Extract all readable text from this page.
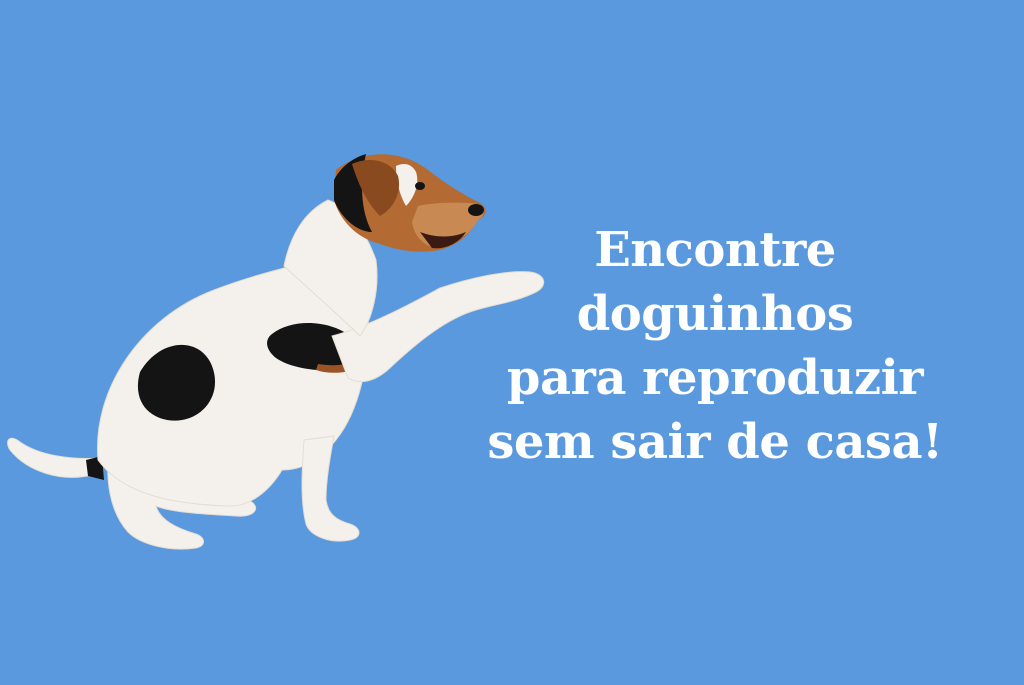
Encontre
doguinhos
para reproduzir
sem sair de casa!
